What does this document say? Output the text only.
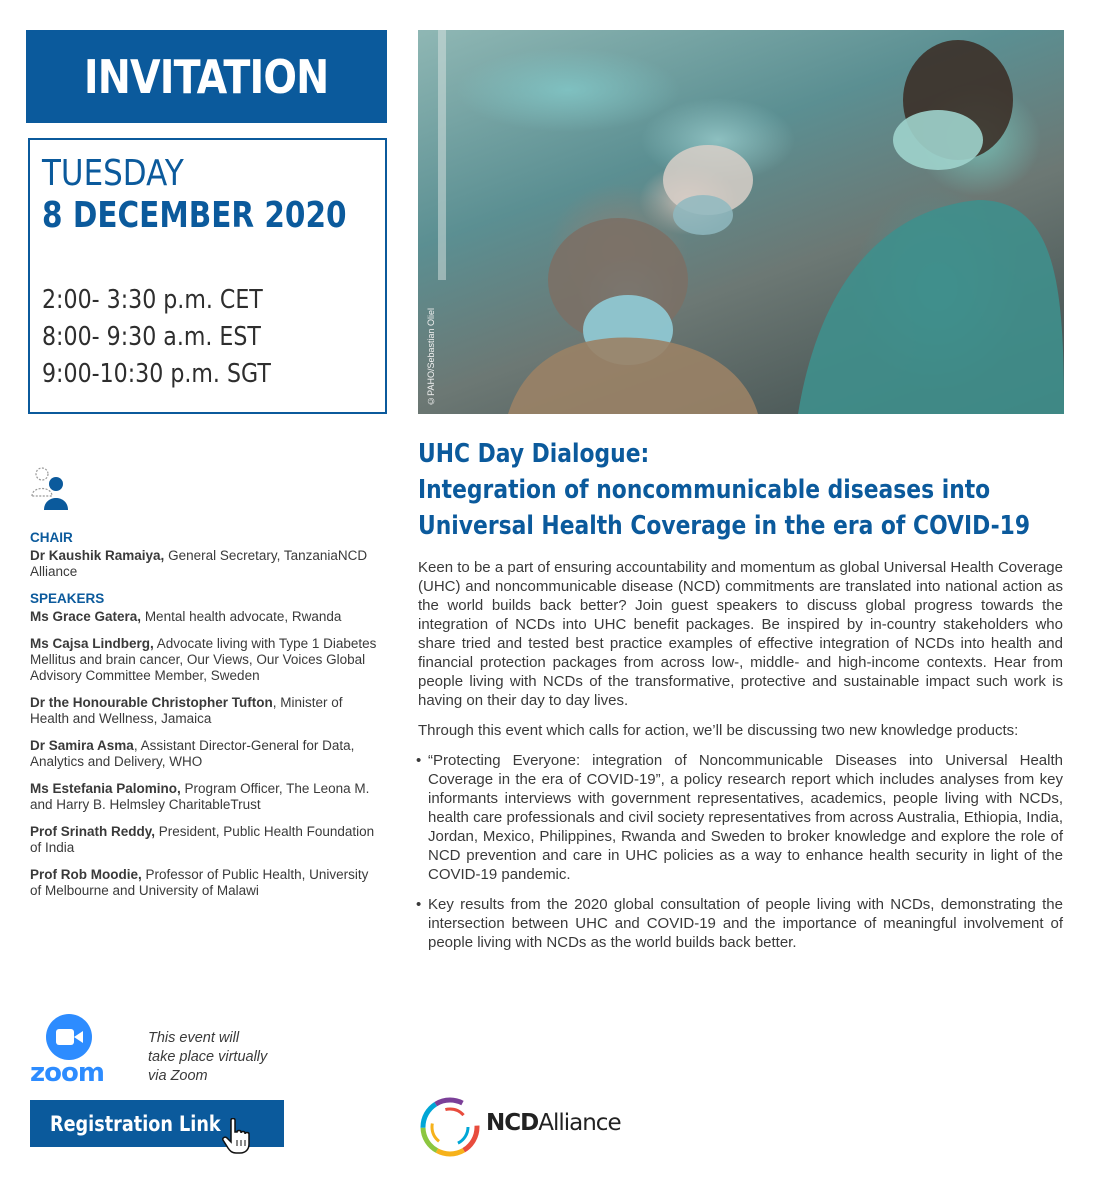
INVITATION
TUESDAY
8 DECEMBER 2020
2:00- 3:30 p.m. CET
8:00- 9:30 a.m. EST
9:00-10:30 p.m. SGT	©PAHO/Sebastian Oliel
CHAIR
Dr Kaushik Ramaiya, General Secretary, TanzaniaNCD Alliance
SPEAKERS
Ms Grace Gatera, Mental health advocate, Rwanda
Ms Cajsa Lindberg, Advocate living with Type 1 Diabetes Mellitus and brain cancer, Our Views, Our Voices Global Advisory Committee Member, Sweden
Dr the Honourable Christopher Tufton, Minister of Health and Wellness, Jamaica
Dr Samira Asma, Assistant Director-General for Data, Analytics and Delivery, WHO
Ms Estefania Palomino, Program Officer, The Leona M. and Harry B. Helmsley CharitableTrust
Prof Srinath Reddy, President, Public Health Foundation of India
Prof Rob Moodie, Professor of Public Health, University of Melbourne and University of Malawi
UHC Day Dialogue:
Integration of noncommunicable diseases into
Universal Health Coverage in the era of COVID-19

Keen to be a part of ensuring accountability and momentum as global Universal Health Coverage (UHC) and noncommunicable disease (NCD) commitments are translated into national action as the world builds back better? Join guest speakers to discuss global progress towards the integration of NCDs into UHC benefit packages. Be inspired by in-country stakeholders who share tried and tested best practice examples of effective integration of NCDs into health and financial protection packages from across low-, middle- and high-income contexts. Hear from people living with NCDs of the transformative, protective and sustainable impact such work is having on their day to day lives.

Through this event which calls for action, we’ll be discussing two new knowledge products:

• “Protecting Everyone: integration of Noncommunicable Diseases into Universal Health Coverage in the era of COVID-19”, a policy research report which includes analyses from key informants interviews with government representatives, academics, people living with NCDs, health care professionals and civil society representatives from across Australia, Ethiopia, India, Jordan, Mexico, Philippines, Rwanda and Sweden to broker knowledge and explore the role of NCD prevention and care in UHC policies as a way to enhance health security in light of the COVID-19 pandemic.
• Key results from the 2020 global consultation of people living with NCDs, demonstrating the intersection between UHC and COVID-19 and the importance of meaningful involvement of people living with NCDs as the world builds back better.
zoom
This event will
take place virtually
via Zoom
Registration Link	NCDAlliance
